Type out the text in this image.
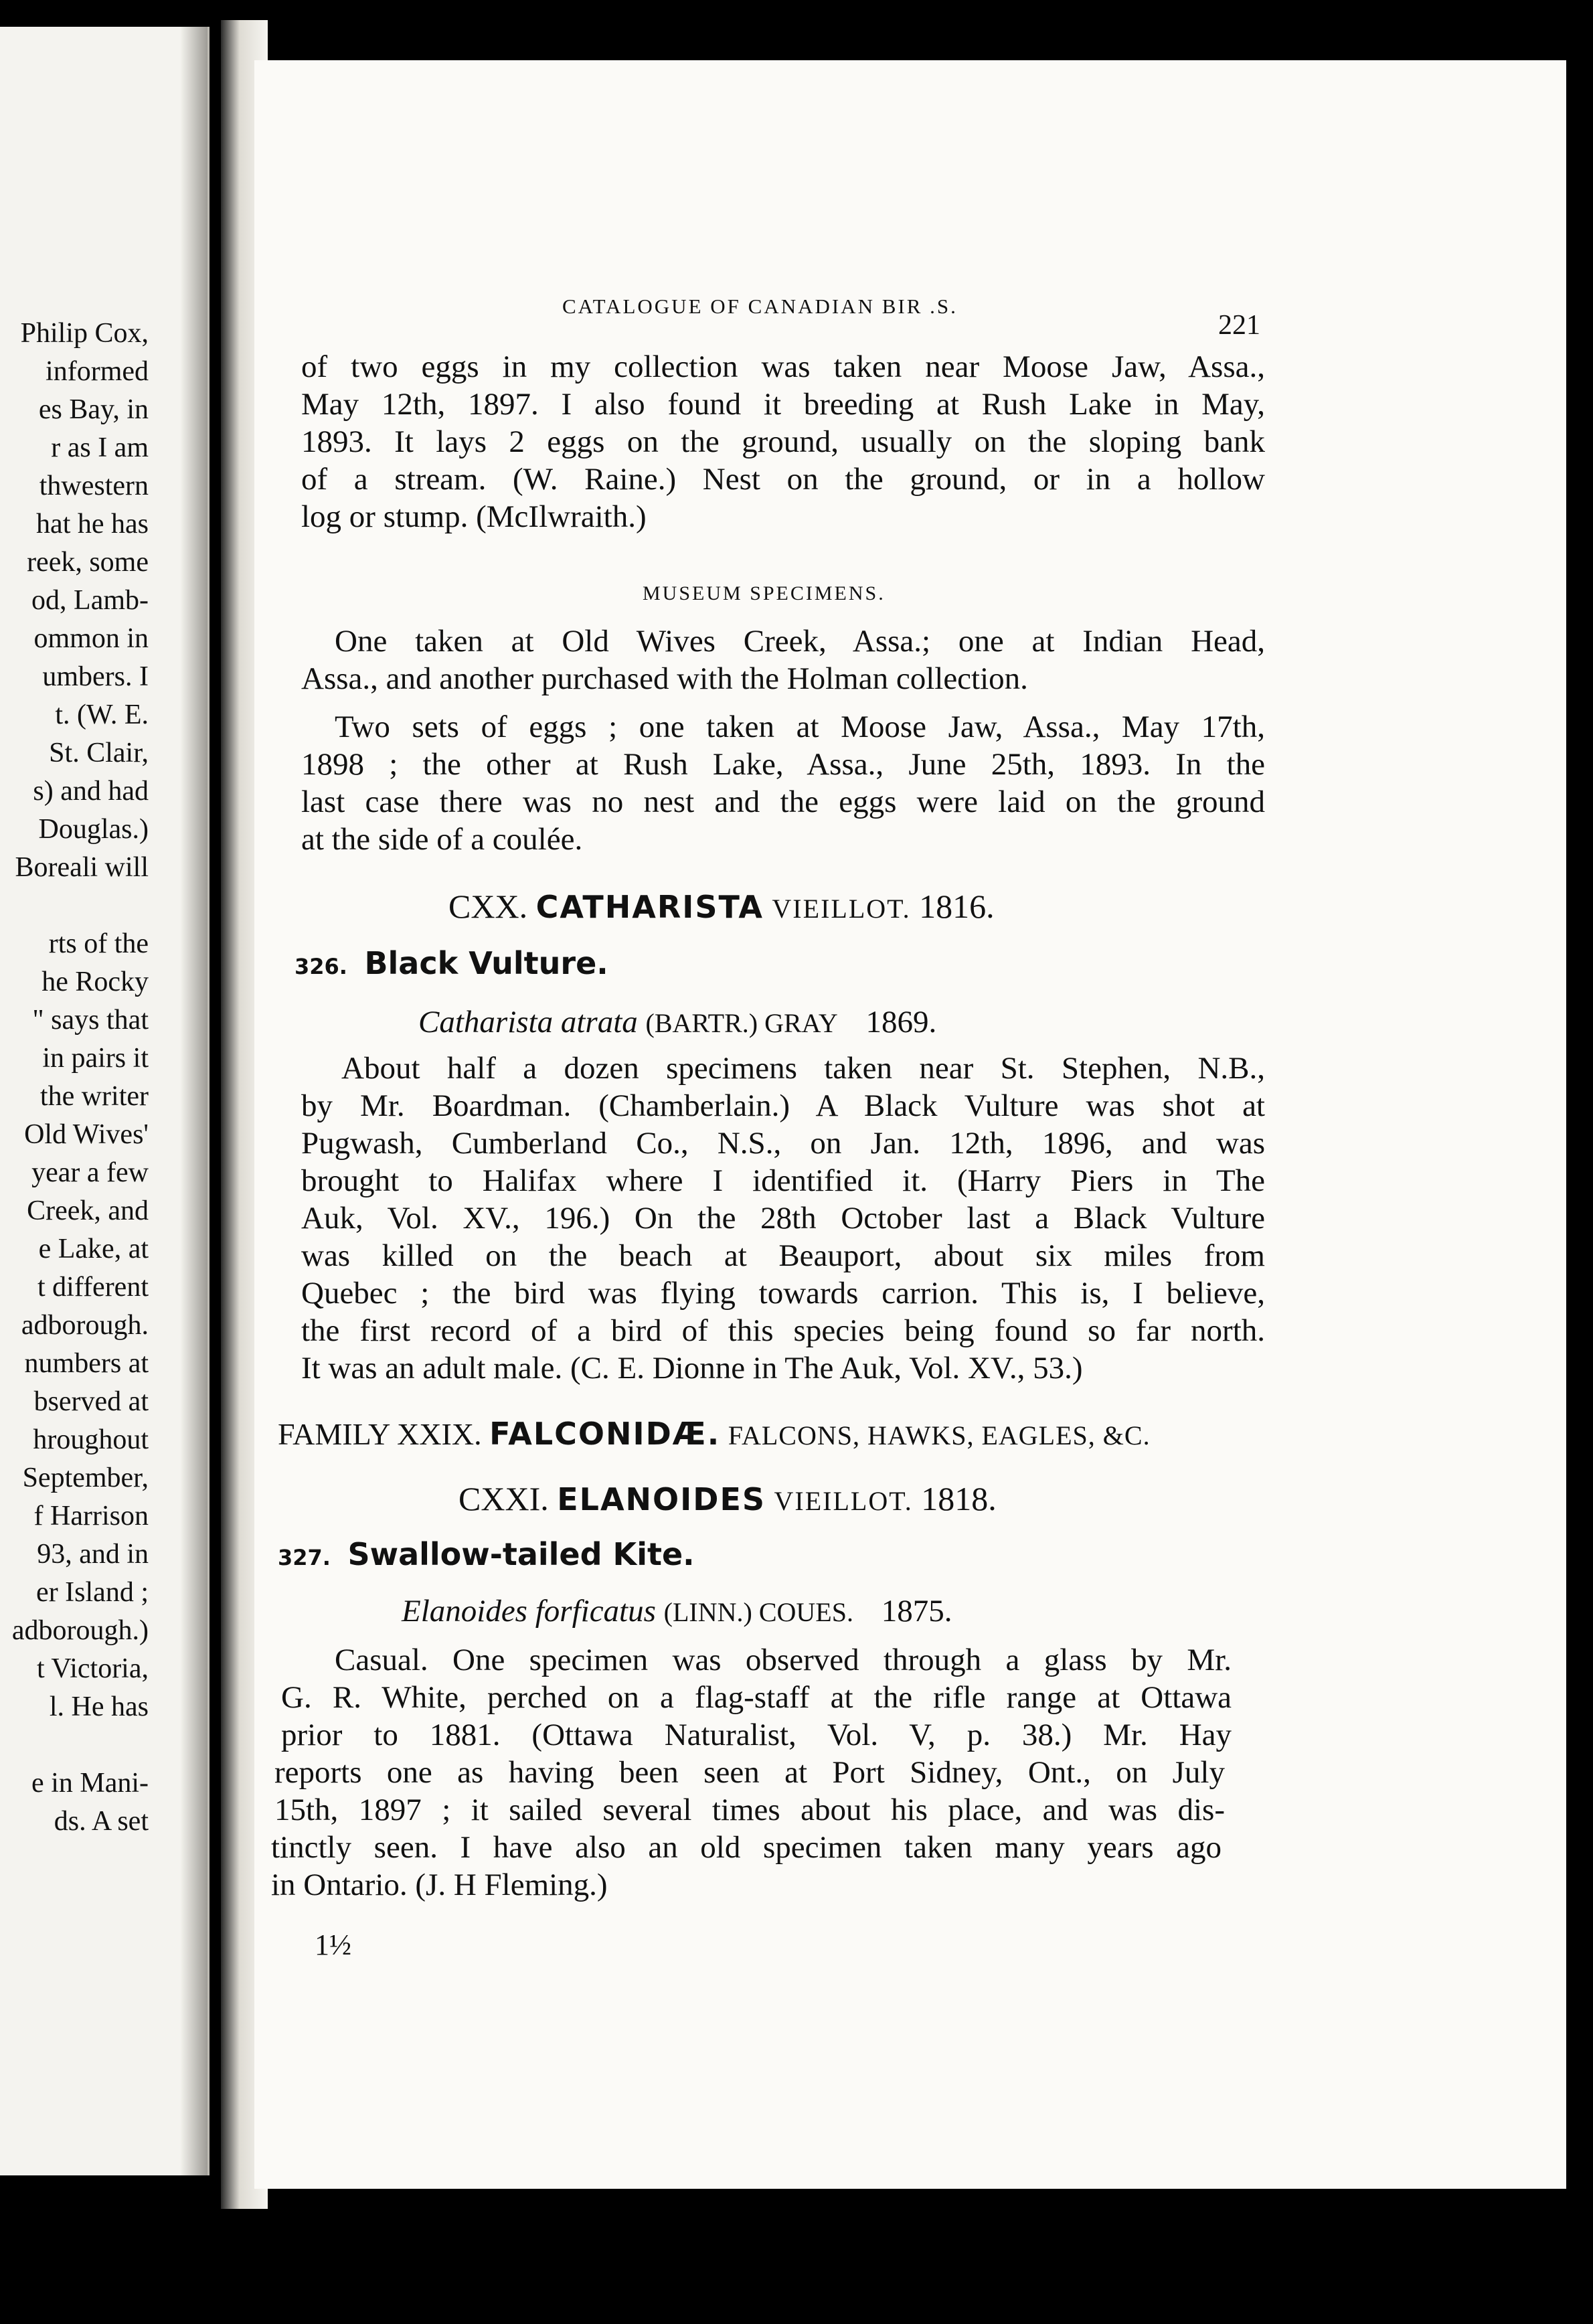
Philip Cox,
informed
es Bay, in
r as I am
thwestern
hat he has
reek, some
od, Lamb-
ommon in
umbers. I
t. (W. E.
St. Clair,
s) and had
Douglas.)
Boreali will
rts of the
he Rocky
" says that
in pairs it
the writer
Old Wives'
year a few
Creek, and
e Lake, at
t different
adborough.
numbers at
bserved at
hroughout
September,
f Harrison
93, and in
er Island ;
adborough.)
t Victoria,
l. He has
e in Mani-
ds. A set
CATALOGUE OF CANADIAN BIR .S.
221
of two eggs in my collection was taken near Moose Jaw, Assa.,
May 12th, 1897. I also found it breeding at Rush Lake in May,
1893. It lays 2 eggs on the ground, usually on the sloping bank
of a stream. (W. Raine.) Nest on the ground, or in a hollow
log or stump. (McIlwraith.)
MUSEUM SPECIMENS.
One taken at Old Wives Creek, Assa.; one at Indian Head,
Assa., and another purchased with the Holman collection.
Two sets of eggs ; one taken at Moose Jaw, Assa., May 17th,
1898 ; the other at Rush Lake, Assa., June 25th, 1893. In the
last case there was no nest and the eggs were laid on the ground
at the side of a coulée.
CXX. CATHARISTA VIEILLOT. 1816.
326. Black Vulture.
Catharista atrata (BARTR.) GRAY 1869.
About half a dozen specimens taken near St. Stephen, N.B.,
by Mr. Boardman. (Chamberlain.) A Black Vulture was shot at
Pugwash, Cumberland Co., N.S., on Jan. 12th, 1896, and was
brought to Halifax where I identified it. (Harry Piers in The
Auk, Vol. XV., 196.) On the 28th October last a Black Vulture
was killed on the beach at Beauport, about six miles from
Quebec ; the bird was flying towards carrion. This is, I believe,
the first record of a bird of this species being found so far north.
It was an adult male. (C. E. Dionne in The Auk, Vol. XV., 53.)
FAMILY XXIX. FALCONIDÆ. FALCONS, HAWKS, EAGLES, &C.
CXXI. ELANOIDES VIEILLOT. 1818.
327. Swallow-tailed Kite.
Elanoides forficatus (LINN.) COUES. 1875.
Casual. One specimen was observed through a glass by Mr.
G. R. White, perched on a flag-staff at the rifle range at Ottawa
prior to 1881. (Ottawa Naturalist, Vol. V, p. 38.) Mr. Hay
reports one as having been seen at Port Sidney, Ont., on July
15th, 1897 ; it sailed several times about his place, and was dis-
tinctly seen. I have also an old specimen taken many years ago
in Ontario. (J. H Fleming.)
1½
